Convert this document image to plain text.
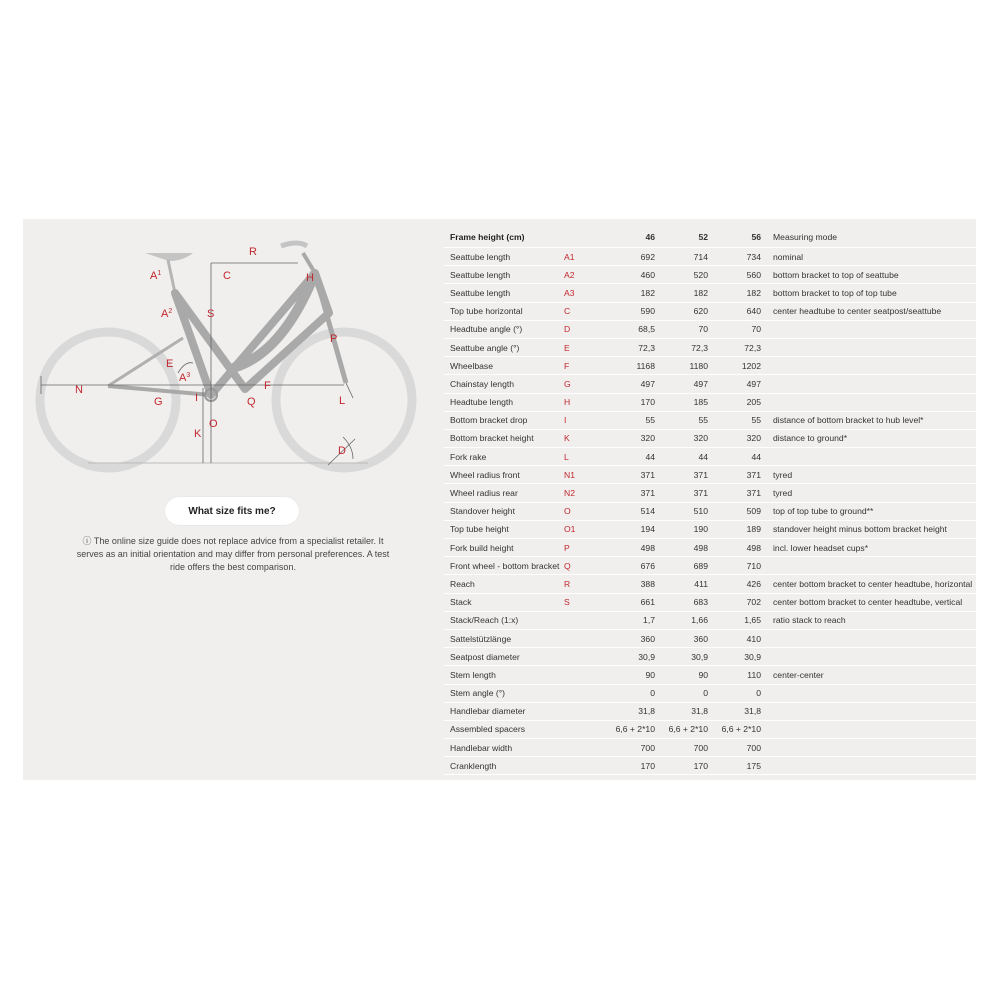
$A^1$
$A^2$
$A^3$
C
R
H
S
P
E
N
G	I
F
Q	L
K
O
D
What size fits me?
ⓘ The online size guide does not replace advice from a specialist retailer. It serves as an initial orientation and may differ from personal preferences. A test ride offers the best comparison.
Frame height (cm)		46	52	56	Measuring mode
Seattube length	A1	692	714	734	nominal
Seattube length	A2	460	520	560	bottom bracket to top of seattube
Seattube length	A3	182	182	182	bottom bracket to top of top tube
Top tube horizontal	C	590	620	640	center headtube to center seatpost/seattube
Headtube angle (°)	D	68,5	70	70	
Seattube angle (°)	E	72,3	72,3	72,3	
Wheelbase	F	1168	1180	1202	
Chainstay length	G	497	497	497	
Headtube length	H	170	185	205	
Bottom bracket drop	I	55	55	55	distance of bottom bracket to hub level*
Bottom bracket height	K	320	320	320	distance to ground*
Fork rake	L	44	44	44	
Wheel radius front	N1	371	371	371	tyred
Wheel radius rear	N2	371	371	371	tyred
Standover height	O	514	510	509	top of top tube to ground**
Top tube height	O1	194	190	189	standover height minus bottom bracket height
Fork build height	P	498	498	498	incl. lower headset cups*
Front wheel - bottom bracket	Q	676	689	710	
Reach	R	388	411	426	center bottom bracket to center headtube, horizontal
Stack	S	661	683	702	center bottom bracket to center headtube, vertical
Stack/Reach (1:x)		1,7	1,66	1,65	ratio stack to reach
Sattelstützlänge		360	360	410	
Seatpost diameter		30,9	30,9	30,9	
Stem length		90	90	110	center-center
Stem angle (°)		0	0	0	
Handlebar diameter		31,8	31,8	31,8	
Assembled spacers		6,6 + 2*10	6,6 + 2*10	6,6 + 2*10	
Handlebar width		700	700	700	
Cranklength		170	170	175	
